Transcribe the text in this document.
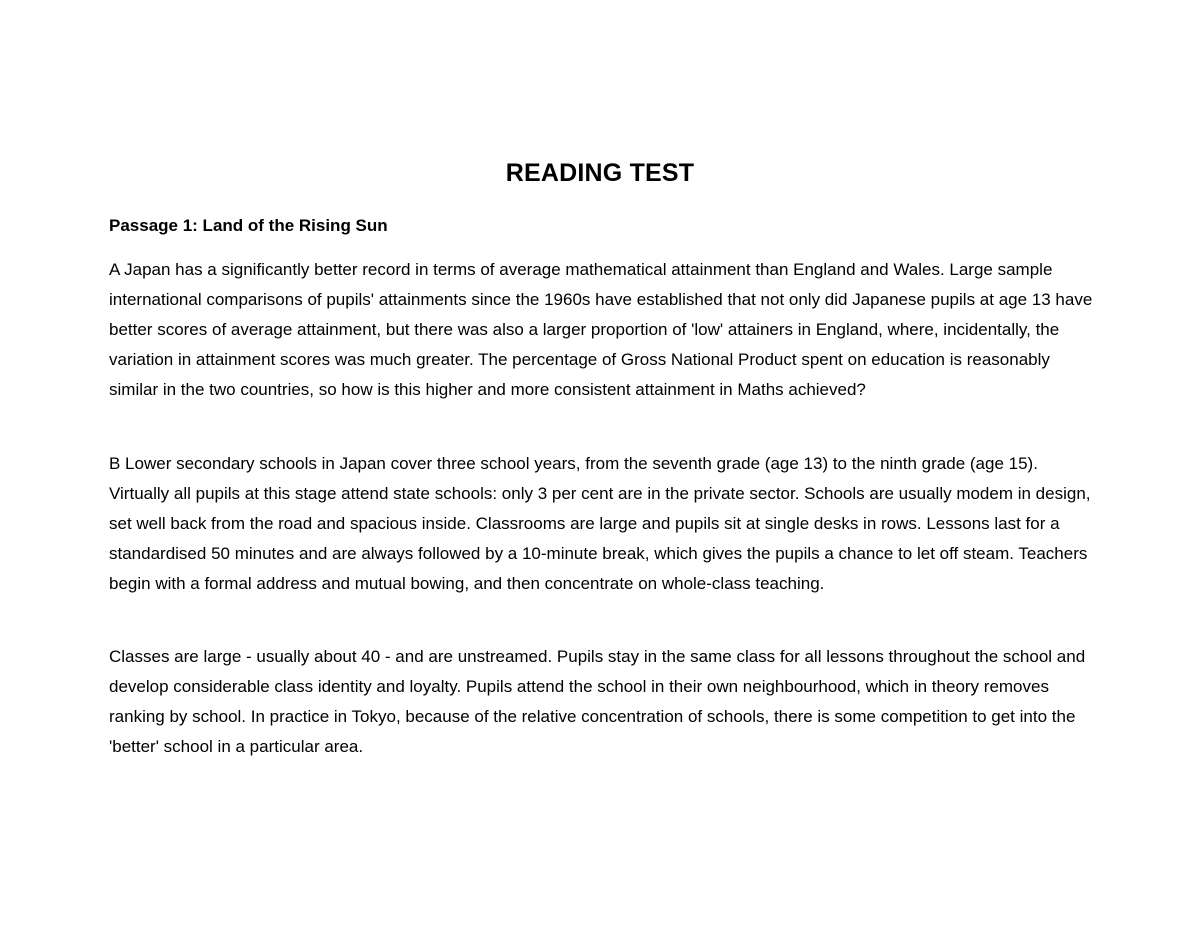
READING TEST
Passage 1: Land of the Rising Sun

A Japan has a significantly better record in terms of average mathematical attainment than England and Wales. Large sample international comparisons of pupils' attainments since the 1960s have established that not only did Japanese pupils at age 13 have better scores of average attainment, but there was also a larger proportion of 'low' attainers in England, where, incidentally, the variation in attainment scores was much greater. The percentage of Gross National Product spent on education is reasonably similar in the two countries, so how is this higher and more consistent attainment in Maths achieved?

B Lower secondary schools in Japan cover three school years, from the seventh grade (age 13) to the ninth grade (age 15). Virtually all pupils at this stage attend state schools: only 3 per cent are in the private sector. Schools are usually modem in design, set well back from the road and spacious inside. Classrooms are large and pupils sit at single desks in rows. Lessons last for a standardised 50 minutes and are always followed by a 10-minute break, which gives the pupils a chance to let off steam. Teachers begin with a formal address and mutual bowing, and then concentrate on whole-class teaching.

Classes are large - usually about 40 - and are unstreamed. Pupils stay in the same class for all lessons throughout the school and develop considerable class identity and loyalty. Pupils attend the school in their own neighbourhood, which in theory removes ranking by school. In practice in Tokyo, because of the relative concentration of schools, there is some competition to get into the 'better' school in a particular area.
